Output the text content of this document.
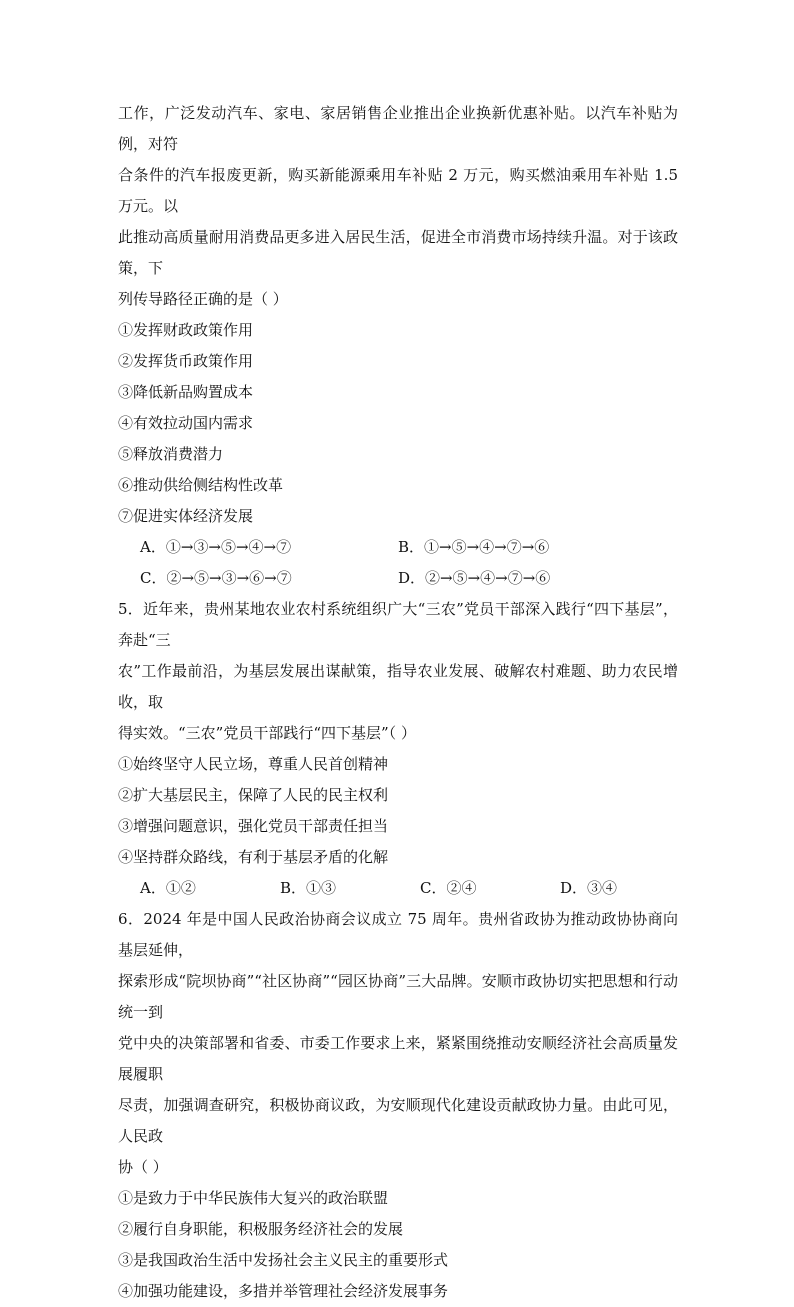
工作，广泛发动汽车、家电、家居销售企业推出企业换新优惠补贴。以汽车补贴为例，对符

合条件的汽车报废更新，购买新能源乘用车补贴 2 万元，购买燃油乘用车补贴 1.5 万元。以

此推动高质量耐用消费品更多进入居民生活，促进全市消费市场持续升温。对于该政策，下

列传导路径正确的是（ ）

①发挥财政政策作用

②发挥货币政策作用

③降低新品购置成本

④有效拉动国内需求

⑤释放消费潜力

⑥推动供给侧结构性改革

⑦促进实体经济发展

A．①→③→⑤→④→⑦	B．①→⑤→④→⑦→⑥
C．②→⑤→③→⑥→⑦	D．②→⑤→④→⑦→⑥

5．近年来，贵州某地农业农村系统组织广大“三农”党员干部深入践行“四下基层”，奔赴“三

农”工作最前沿，为基层发展出谋献策，指导农业发展、破解农村难题、助力农民增收，取

得实效。“三农”党员干部践行“四下基层”（ ）

①始终坚守人民立场，尊重人民首创精神

②扩大基层民主，保障了人民的民主权利

③增强问题意识，强化党员干部责任担当

④坚持群众路线，有利于基层矛盾的化解

A．①②	B．①③	C．②④	D．③④

6．2024 年是中国人民政治协商会议成立 75 周年。贵州省政协为推动政协协商向基层延伸，

探索形成“院坝协商”“社区协商”“园区协商”三大品牌。安顺市政协切实把思想和行动统一到

党中央的决策部署和省委、市委工作要求上来，紧紧围绕推动安顺经济社会高质量发展履职

尽责，加强调查研究，积极协商议政，为安顺现代化建设贡献政协力量。由此可见，人民政

协（ ）

①是致力于中华民族伟大复兴的政治联盟

②履行自身职能，积极服务经济社会的发展

③是我国政治生活中发扬社会主义民主的重要形式

④加强功能建设，多措并举管理社会经济发展事务
